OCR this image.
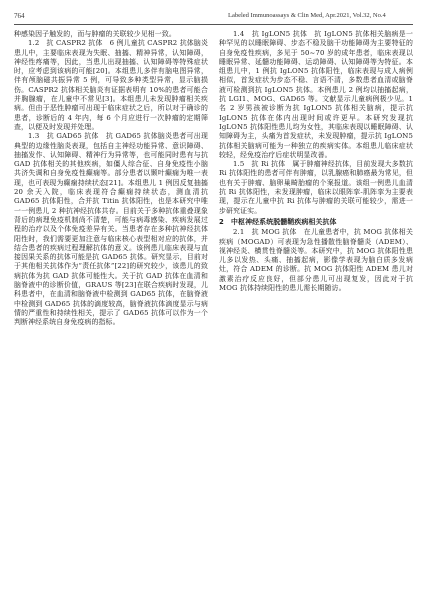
764	Labeled Immunoassays & Clin Med, Apr.2021, Vol.32, No.4

种感染因子触发的，而与肿瘤的关联较少见相一致。

1.2　抗 CASPR2 抗体　6 例儿童抗 CASPR2 抗体脑炎患儿中，主要临床表现为失眠、抽搐、精神异常，认知障碍，神经性疼痛等，因此，当患儿出现抽搐、认知障碍等特殊症状时，应考虑到该病的可能[20]。本组患儿多伴有脑电图异常，伴有颅脑磁共振异常 5 例，可导致多种类型异常，显示脑损伤。CASPR2 抗体相关脑炎有证据表明有 10%的患者可能合并胸腺瘤，在儿童中不常见[3]。本组患儿未发现肿瘤相关疾病。但由于恶性肿瘤可出现于临床症状之后，所以对于确诊的患者，诊断后的 4 年内，每 6 个月应进行一次肿瘤的定期筛查，以便及时发现并处理。

1.3　抗 GAD65 抗体　抗 GAD65 抗体脑炎患者可出现典型的边缘性脑炎表现，包括自主神经功能异常、意识障碍、抽搐发作、认知障碍、精神行为异常等，也可能同时患有与抗 GAD 抗体相关的其他疾病，如僵人综合征、自身免疫性小脑共济失调和自身免疫性癫痫等。部分患者以颞叶癫痫为唯一表现，也可表现为癫痫持续状态[21]。本组患儿 1 例因反复抽搐 20 余天入院，临床表现符合癫痫持续状态，测血清抗 GAD65 抗体阳性，合并抗 Titin 抗体阳性，也是本研究中唯一一例患儿 2 种抗神经抗体共存。目前关于多种抗体重叠现象背后的病理免疫机制尚不清楚，可能与病毒感染、疾病发展过程的治疗以及个体免疫差异有关。当患者存在多种抗神经抗体阳性时，我们需要更加注意与临床核心表型相对应的抗体，并结合患者的疾病过程理解抗体的意义。该例患儿临床表现与直接因果关系的抗体可能是抗 GAD65 抗体。研究显示，目前对于其他相关抗体作为“责任抗体”[22]的研究较少，该患儿的致病抗体为抗 GAD 抗体可能性大。关于抗 GAD 抗体在血清和脑脊液中的诊断价值，GRAUS 等[23]在联合疾病时发现，儿科患者中，在血清和脑脊液中检测到 GAD65 抗体，在脑脊液中检测到 GAD65 抗体的滴度较高，脑脊液抗体滴度显示与病情的严重性和持续性相关，提示了 GAD65 抗体可以作为一个判断神经系统自身免疫病的指标。

1.4　抗 IgLON5 抗体　抗 IgLON5 抗体相关脑病是一种罕见的以睡眠障碍、步态不稳及脑干功能障碍为主要特征的自身免疫性疾病，多见于 50~70 岁的成年患者，临床表现以睡眠异常、延髓功能障碍、运动障碍、认知障碍等为特征。本组患儿中，1 例抗 IgLON5 抗体阳性，临床表现与成人病例相似，首发症状为步态不稳、言语不清，多数患者血清或脑脊液可检测到抗 IgLON5 抗体。本例患儿 2 例均以抽搐起病，抗 LGI1、MOG、GAD65 等。文献显示儿童病例极少见。1 名 2 岁男孩被诊断为抗 IgLON5 抗体相关脑病，提示抗 IgLON5 抗体在体内出现时间或许更早。本研究发现抗 IgLON5 抗体阳性患儿均为女性，其临床表现以睡眠障碍、认知障碍为主，头痛为首发症状，未发现肿瘤，提示抗 IgLON5 抗体相关脑病可能为一种独立的疾病实体。本组患儿临床症状较轻，经免疫治疗后症状明显改善。

1.5　抗 Ri 抗体　属于肿瘤神经抗体，目前发现大多数抗 Ri 抗体阳性的患者可伴有肿瘤，以乳腺癌和肺癌最为常见，但也有关于肿瘤、脑卵巢畸胎瘤的个案报道。该组一例患儿血清抗 Ri 抗体阳性，未发现肿瘤，临床以眼阵挛-肌阵挛为主要表现，提示在儿童中抗 Ri 抗体与肿瘤的关联可能较少，需进一步研究证实。

2　中枢神经系统脱髓鞘疾病相关抗体

2.1　抗 MOG 抗体　在儿童患者中，抗 MOG 抗体相关疾病（MOGAD）可表现为急性播散性脑脊髓炎（ADEM）、视神经炎、横贯性脊髓炎等。本研究中，抗 MOG 抗体阳性患儿多以发热、头痛、抽搐起病，影像学表现为脑白质多发病灶，符合 ADEM 的诊断。抗 MOG 抗体阳性 ADEM 患儿对激素治疗反应良好，但部分患儿可出现复发，因此对于抗 MOG 抗体持续阳性的患儿需长期随访。
